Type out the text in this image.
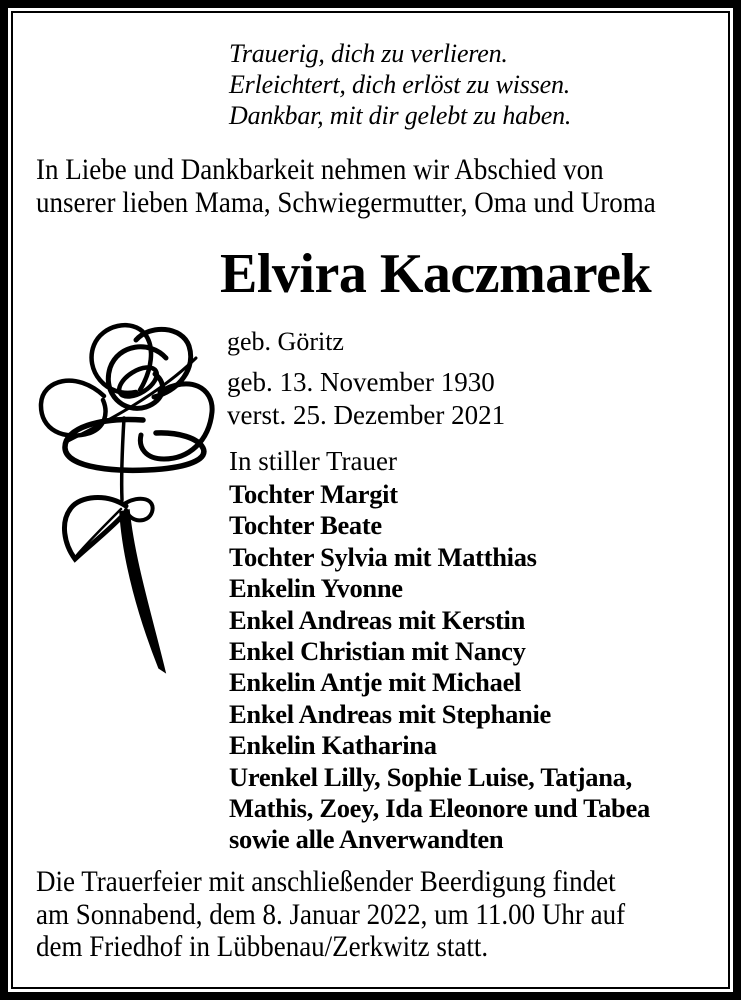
Trauerig, dich zu verlieren.
Erleichtert, dich erlöst zu wissen.
Dankbar, mit dir gelebt zu haben.
In Liebe und Dankbarkeit nehmen wir Abschied von
unserer lieben Mama, Schwiegermutter, Oma und Uroma
Elvira Kaczmarek
geb. Göritz
geb. 13. November 1930
verst. 25. Dezember 2021
In stiller Trauer
Tochter Margit
Tochter Beate
Tochter Sylvia mit Matthias
Enkelin Yvonne
Enkel Andreas mit Kerstin
Enkel Christian mit Nancy
Enkelin Antje mit Michael
Enkel Andreas mit Stephanie
Enkelin Katharina
Urenkel Lilly, Sophie Luise, Tatjana,
Mathis, Zoey, Ida Eleonore und Tabea
sowie alle Anverwandten
Die Trauerfeier mit anschließender Beerdigung findet
am Sonnabend, dem 8. Januar 2022, um 11.00 Uhr auf
dem Friedhof in Lübbenau/Zerkwitz statt.
